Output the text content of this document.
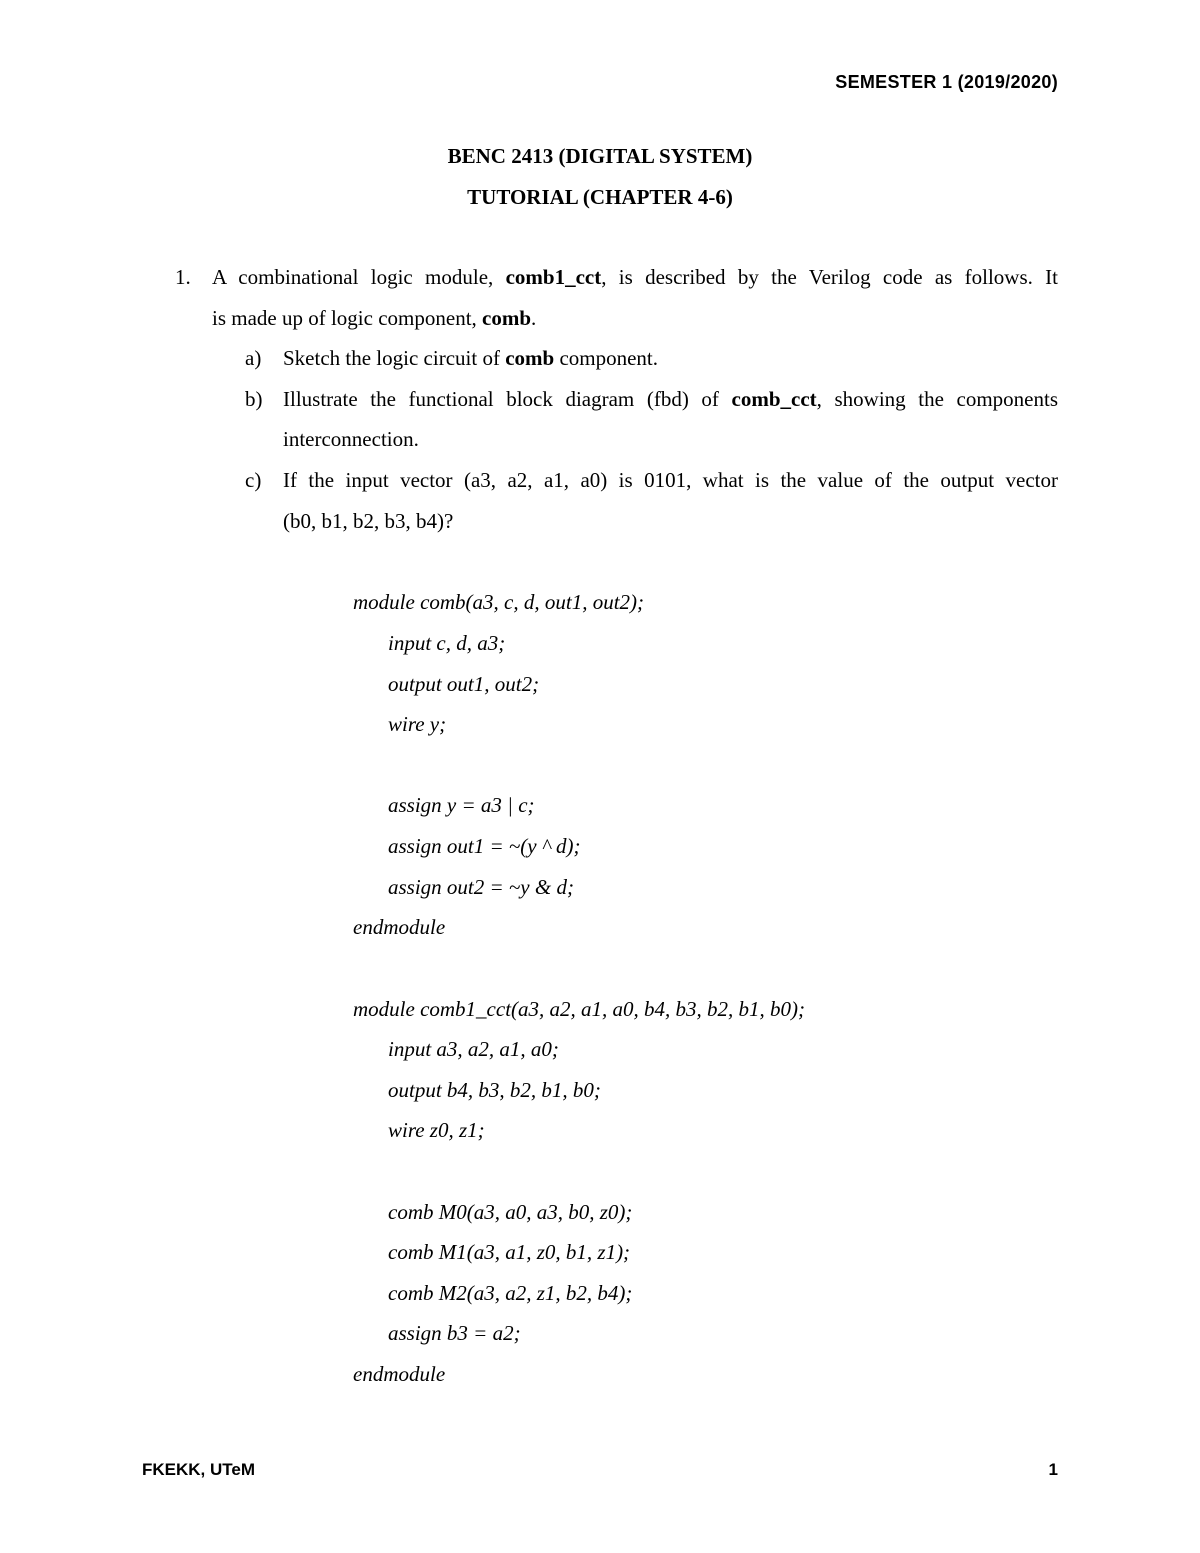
SEMESTER 1 (2019/2020)
BENC 2413 (DIGITAL SYSTEM)
TUTORIAL (CHAPTER 4-6)
1. A combinational logic module, comb1_cct, is described by the Verilog code as follows. It
is made up of logic component, comb.
a) Sketch the logic circuit of comb component.
b) Illustrate the functional block diagram (fbd) of comb_cct, showing the components
interconnection.
c) If the input vector (a3, a2, a1, a0) is 0101, what is the value of the output vector
(b0, b1, b2, b3, b4)?
module comb(a3, c, d, out1, out2);
input c, d, a3;
output out1, out2;
wire y;
assign y = a3 | c;
assign out1 = ~(y ^ d);
assign out2 = ~y & d;
endmodule
module comb1_cct(a3, a2, a1, a0, b4, b3, b2, b1, b0);
input a3, a2, a1, a0;
output b4, b3, b2, b1, b0;
wire z0, z1;
comb M0(a3, a0, a3, b0, z0);
comb M1(a3, a1, z0, b1, z1);
comb M2(a3, a2, z1, b2, b4);
assign b3 = a2;
endmodule
FKEKK, UTeM	1
